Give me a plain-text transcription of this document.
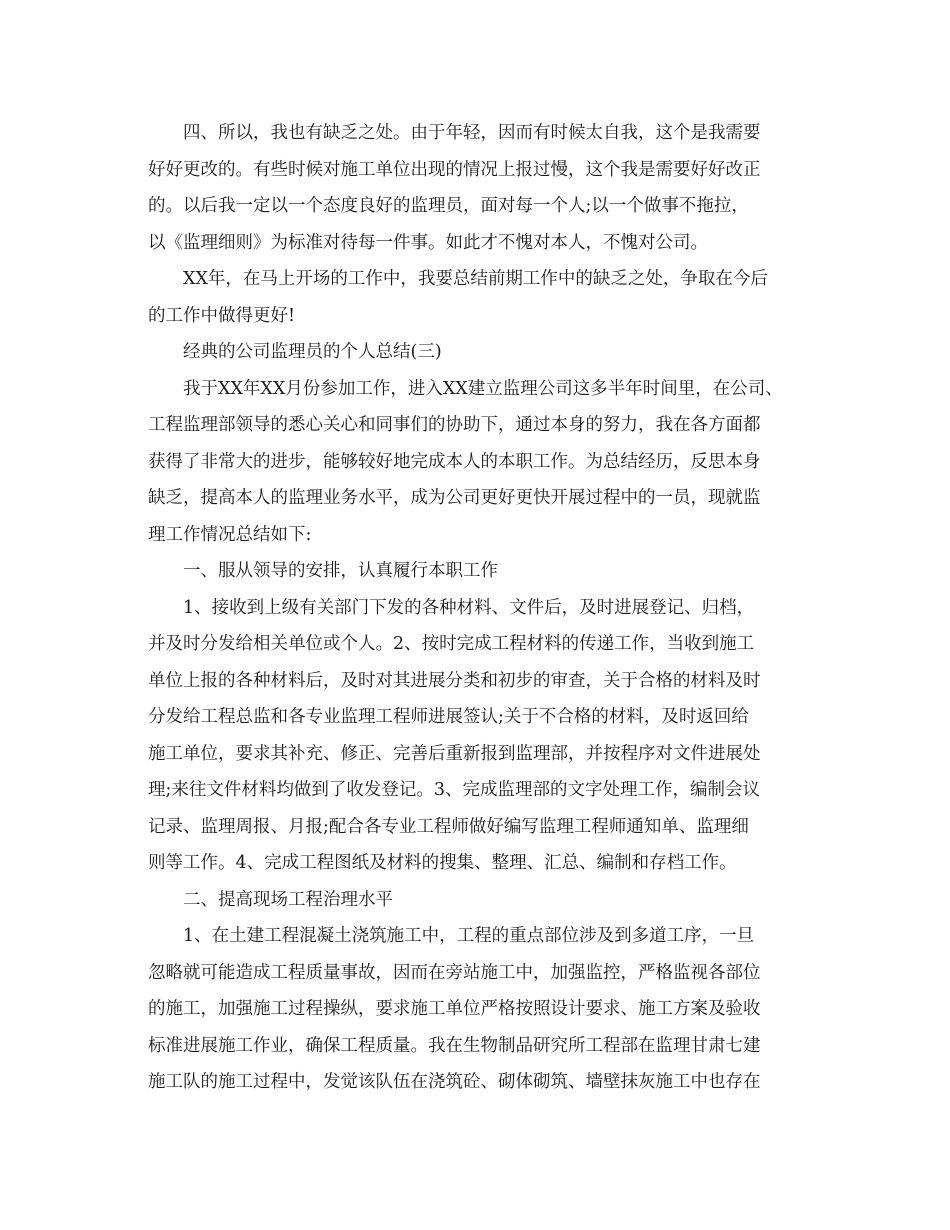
四、所以，我也有缺乏之处。由于年轻，因而有时候太自我，这个是我需要
好好更改的。有些时候对施工单位出现的情况上报过慢，这个我是需要好好改正
的。以后我一定以一个态度良好的监理员，面对每一个人;以一个做事不拖拉，
以《监理细则》为标准对待每一件事。如此才不愧对本人，不愧对公司。
XX年，在马上开场的工作中，我要总结前期工作中的缺乏之处，争取在今后
的工作中做得更好!
经典的公司监理员的个人总结(三)
我于XX年XX月份参加工作，进入XX建立监理公司这多半年时间里，在公司、
工程监理部领导的悉心关心和同事们的协助下，通过本身的努力，我在各方面都
获得了非常大的进步，能够较好地完成本人的本职工作。为总结经历，反思本身
缺乏，提高本人的监理业务水平，成为公司更好更快开展过程中的一员，现就监
理工作情况总结如下:
一、服从领导的安排，认真履行本职工作
1、接收到上级有关部门下发的各种材料、文件后，及时进展登记、归档，
并及时分发给相关单位或个人。2、按时完成工程材料的传递工作，当收到施工
单位上报的各种材料后，及时对其进展分类和初步的审查，关于合格的材料及时
分发给工程总监和各专业监理工程师进展签认;关于不合格的材料，及时返回给
施工单位，要求其补充、修正、完善后重新报到监理部，并按程序对文件进展处
理;来往文件材料均做到了收发登记。3、完成监理部的文字处理工作，编制会议
记录、监理周报、月报;配合各专业工程师做好编写监理工程师通知单、监理细
则等工作。4、完成工程图纸及材料的搜集、整理、汇总、编制和存档工作。
二、提高现场工程治理水平
1、在土建工程混凝土浇筑施工中，工程的重点部位涉及到多道工序，一旦
忽略就可能造成工程质量事故，因而在旁站施工中，加强监控，严格监视各部位
的施工，加强施工过程操纵，要求施工单位严格按照设计要求、施工方案及验收
标准进展施工作业，确保工程质量。我在生物制品研究所工程部在监理甘肃七建
施工队的施工过程中，发觉该队伍在浇筑砼、砌体砌筑、墙壁抹灰施工中也存在
